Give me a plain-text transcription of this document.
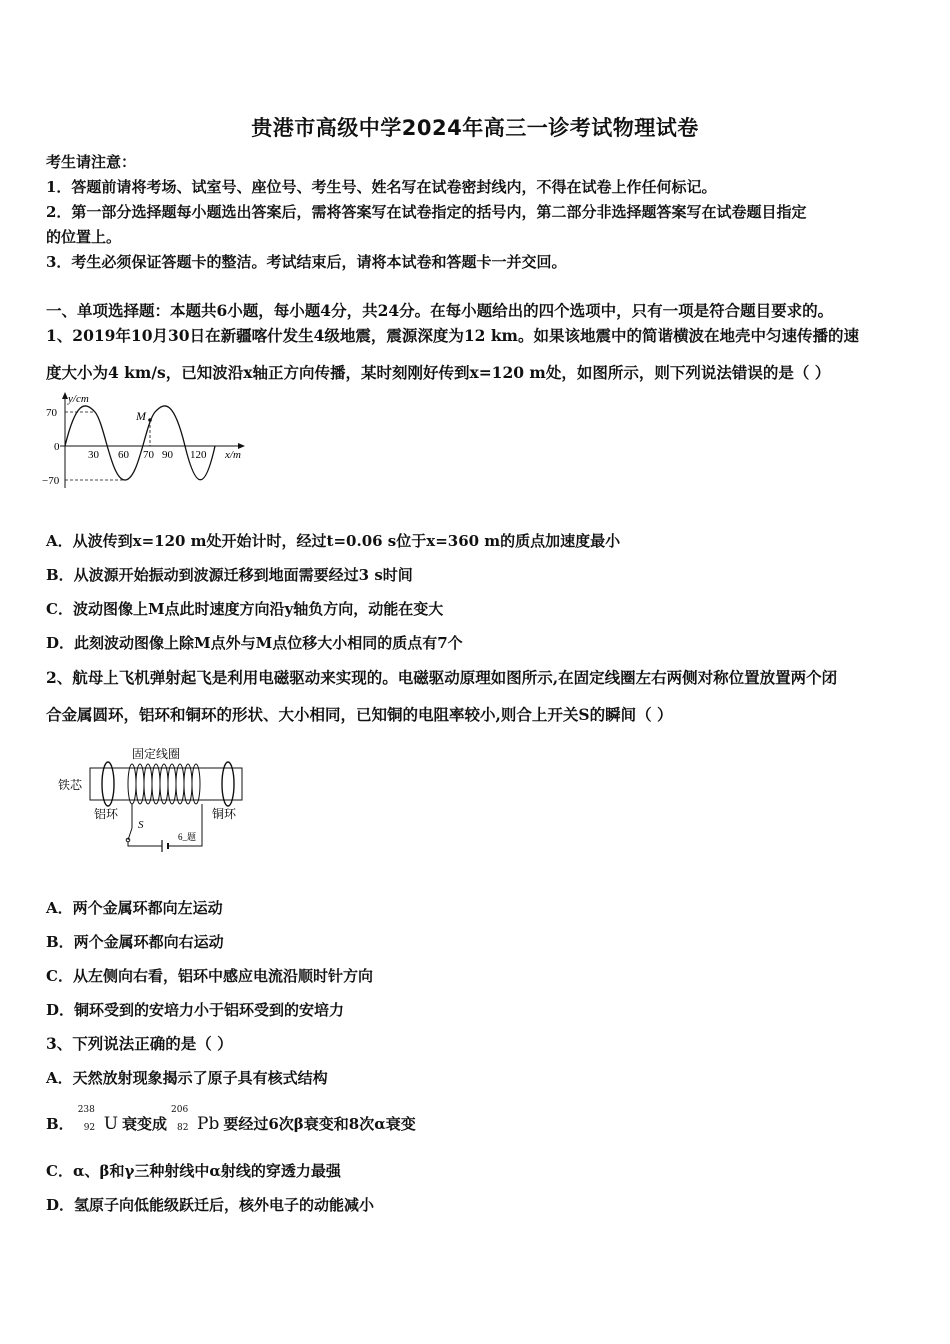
贵港市高级中学2024年高三一诊考试物理试卷
考生请注意：
1．答题前请将考场、试室号、座位号、考生号、姓名写在试卷密封线内，不得在试卷上作任何标记。
2．第一部分选择题每小题选出答案后，需将答案写在试卷指定的括号内，第二部分非选择题答案写在试卷题目指定
的位置上。
3．考生必须保证答题卡的整洁。考试结束后，请将本试卷和答题卡一并交回。
一、单项选择题：本题共6小题，每小题4分，共24分。在每小题给出的四个选项中，只有一项是符合题目要求的。
1、2019年10月30日在新疆喀什发生4级地震，震源深度为12 km。如果该地震中的简谐横波在地壳中匀速传播的速
度大小为4 km/s，已知波沿x轴正方向传播，某时刻刚好传到x=120 m处，如图所示，则下列说法错误的是（ ）
y/cm
70
0
−70
30 60 70 90 120 x/m
M
A．从波传到x=120 m处开始计时，经过t=0.06 s位于x=360 m的质点加速度最小
B．从波源开始振动到波源迁移到地面需要经过3 s时间
C．波动图像上M点此时速度方向沿y轴负方向，动能在变大
D．此刻波动图像上除M点外与M点位移大小相同的质点有7个
2、航母上飞机弹射起飞是利用电磁驱动来实现的。电磁驱动原理如图所示,在固定线圈左右两侧对称位置放置两个闭
合金属圆环，铝环和铜环的形状、大小相同，已知铜的电阻率较小,则合上开关S的瞬间（ ）
铁芯
固定线圈
铝环	铜环
S
6_题
A．两个金属环都向左运动
B．两个金属环都向右运动
C．从左侧向右看，铝环中感应电流沿顺时针方向
D．铜环受到的安培力小于铝环受到的安培力
3、下列说法正确的是（ ）
A．天然放射现象揭示了原子具有核式结构
B．
238
92 U 衰变成
206
82 Pb 要经过6次β衰变和8次α衰变
C．α、β和γ三种射线中α射线的穿透力最强
D．氢原子向低能级跃迁后，核外电子的动能减小
